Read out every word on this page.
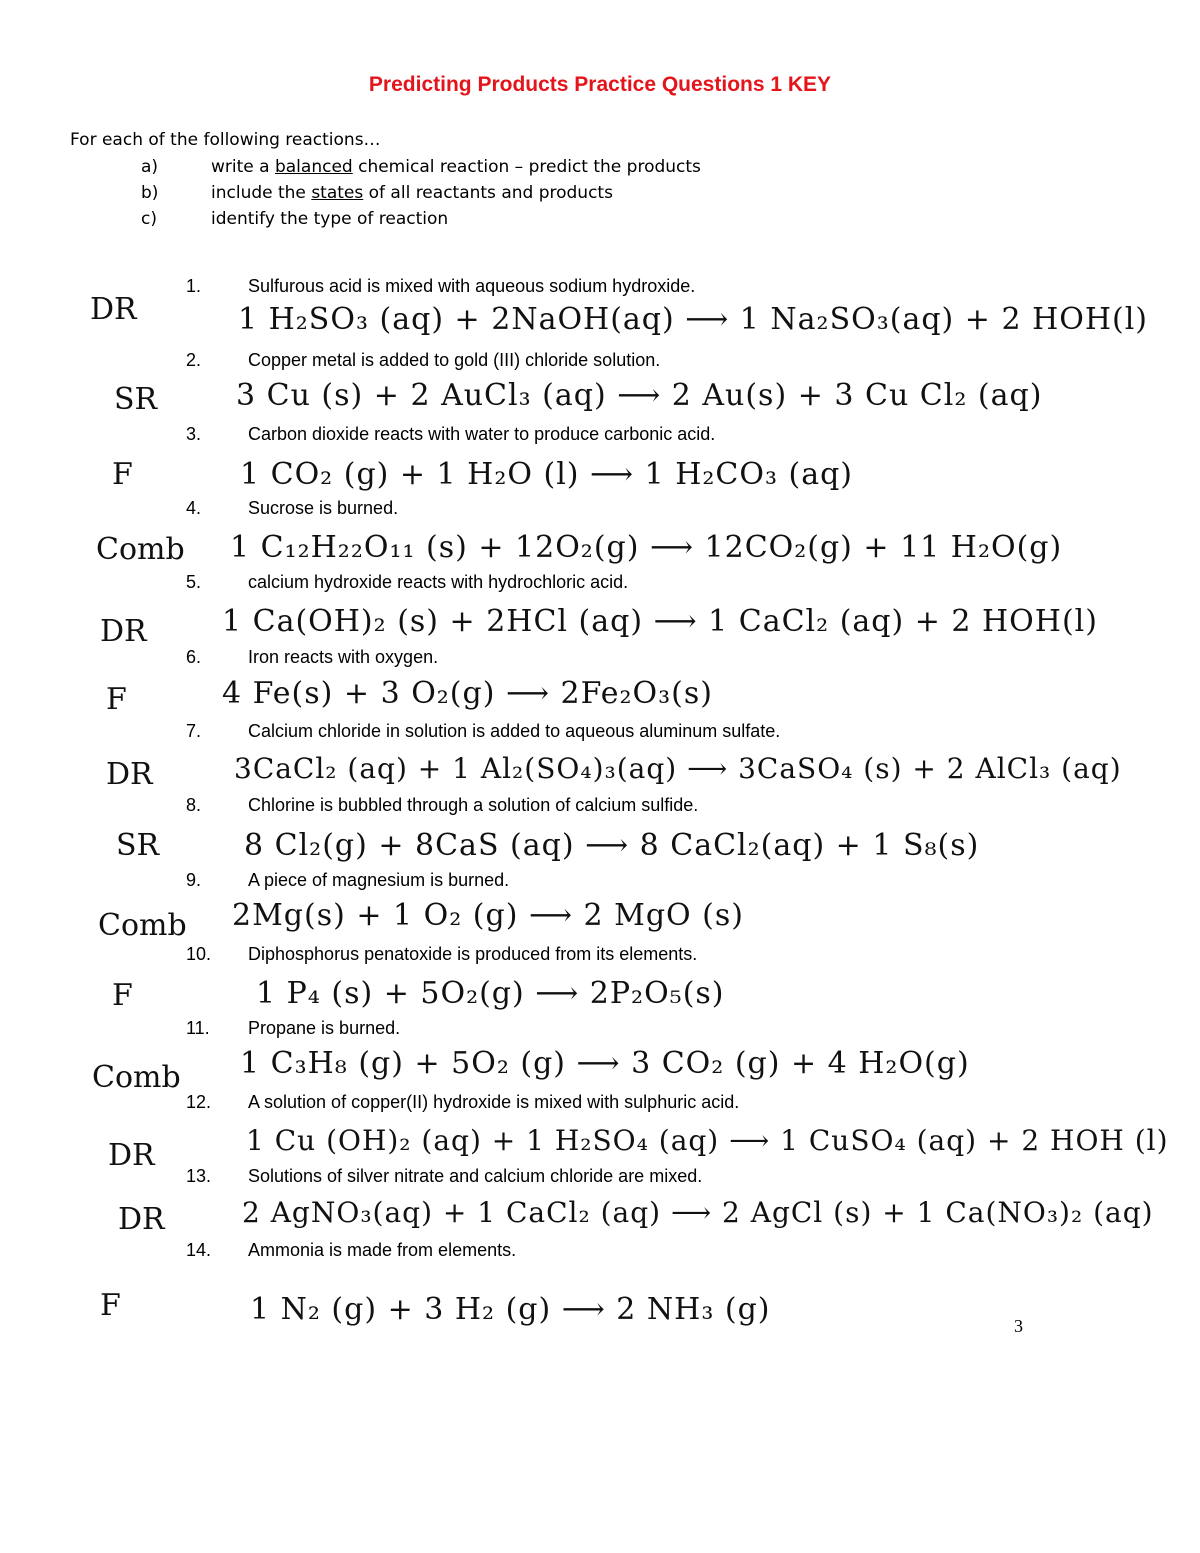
Predicting Products Practice Questions 1 KEY
For each of the following reactions…
a)	write a balanced chemical reaction – predict the products
b)	include the states of all reactants and products
c)	identify the type of reaction
1.	Sulfurous acid is mixed with aqueous sodium hydroxide.
DR	1 H₂SO₃ (aq) + 2NaOH(aq) ⟶ 1 Na₂SO₃(aq) + 2 HOH(l)
2.	Copper metal is added to gold (III) chloride solution.
SR	3 Cu (s) + 2 AuCl₃ (aq) ⟶ 2 Au(s) + 3 Cu Cl₂ (aq)
3.	Carbon dioxide reacts with water to produce carbonic acid.
F	1 CO₂ (g) + 1 H₂O (l) ⟶ 1 H₂CO₃ (aq)
4.	Sucrose is burned.
Comb 1 C₁₂H₂₂O₁₁ (s) + 12O₂(g) ⟶ 12CO₂(g) + 11 H₂O(g)
5.	calcium hydroxide reacts with hydrochloric acid.
DR	1 Ca(OH)₂ (s) + 2HCl (aq) ⟶ 1 CaCl₂ (aq) + 2 HOH(l)
6.	Iron reacts with oxygen.
F	4 Fe(s) + 3 O₂(g) ⟶ 2Fe₂O₃(s)
7.	Calcium chloride in solution is added to aqueous aluminum sulfate.
DR	3CaCl₂ (aq) + 1 Al₂(SO₄)₃(aq) ⟶ 3CaSO₄ (s) + 2 AlCl₃ (aq)
8.	Chlorine is bubbled through a solution of calcium sulfide.
SR	8 Cl₂(g) + 8CaS (aq) ⟶ 8 CaCl₂(aq) + 1 S₈(s)
9.	A piece of magnesium is burned.
Comb 2Mg(s) + 1 O₂ (g) ⟶ 2 MgO (s)
10. Diphosphorus penatoxide is produced from its elements.
F	1 P₄ (s) + 5O₂(g) ⟶ 2P₂O₅(s)
11. Propane is burned.
Comb 1 C₃H₈ (g) + 5O₂ (g) ⟶ 3 CO₂ (g) + 4 H₂O(g)
12. A solution of copper(II) hydroxide is mixed with sulphuric acid.
DR	1 Cu (OH)₂ (aq) + 1 H₂SO₄ (aq) ⟶ 1 CuSO₄ (aq) + 2 HOH (l)
13. Solutions of silver nitrate and calcium chloride are mixed.
DR	2 AgNO₃(aq) + 1 CaCl₂ (aq) ⟶ 2 AgCl (s) + 1 Ca(NO₃)₂ (aq)
14. Ammonia is made from elements.
F	1 N₂ (g) + 3 H₂ (g) ⟶ 2 NH₃ (g)	3
